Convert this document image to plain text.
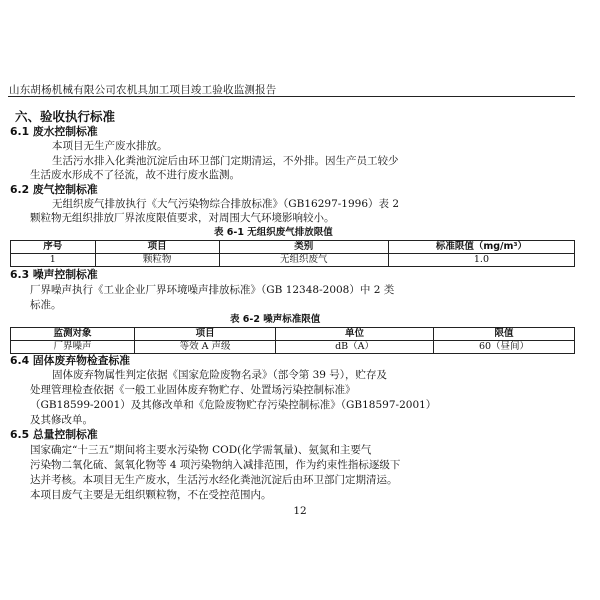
山东胡杨机械有限公司农机具加工项目竣工验收监测报告
六、验收执行标准
6.1 废水控制标准
本项目无生产废水排放。
生活污水排入化粪池沉淀后由环卫部门定期清运，不外排。因生产员工较少
生活废水形成不了径流，故不进行废水监测。
6.2 废气控制标准
无组织废气排放执行《大气污染物综合排放标准》（GB16297-1996）表 2
颗粒物无组织排放厂界浓度限值要求，对周围大气环境影响较小。
表 6-1 无组织废气排放限值
序号	项目	类别	标准限值（mg/m³）
1	颗粒物	无组织废气	1.0
6.3 噪声控制标准
厂界噪声执行《工业企业厂界环境噪声排放标准》（GB 12348-2008）中 2 类
标准。
表 6-2 噪声标准限值
监测对象	项目	单位	限值
厂界噪声	等效 A 声级	dB（A）	60（昼间）
6.4 固体废弃物检查标准
固体废弃物属性判定依据《国家危险废物名录》（部令第 39 号），贮存及
处理管理检查依据《一般工业固体废弃物贮存、处置场污染控制标准》
（GB18599-2001）及其修改单和《危险废物贮存污染控制标准》（GB18597-2001）
及其修改单。
6.5 总量控制标准
国家确定“十三五”期间将主要水污染物 COD(化学需氧量)、氨氮和主要气
污染物二氧化硫、氮氧化物等 4 项污染物纳入减排范围，作为约束性指标逐级下
达并考核。本项目无生产废水，生活污水经化粪池沉淀后由环卫部门定期清运。
本项目废气主要是无组织颗粒物，不在受控范围内。
12
